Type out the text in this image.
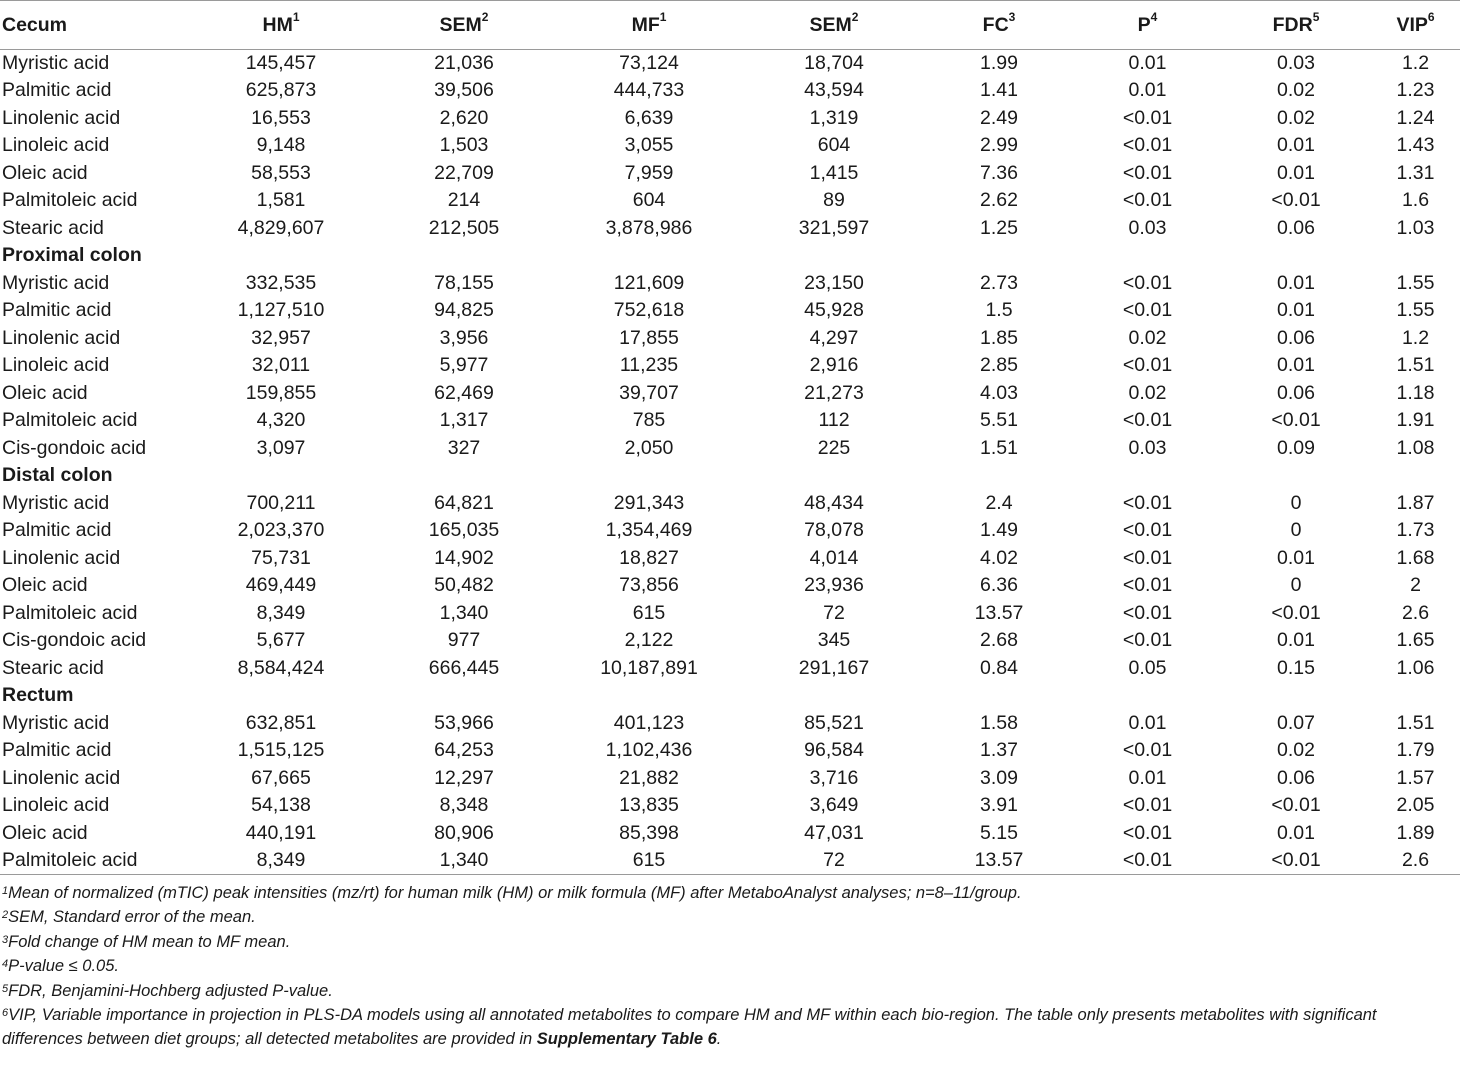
Cecum	$HM^1$	SEM$^2$	$MF^1$	SEM$^2$	$FC^3$	$P^4$	FDR$^5$	VIP$^6$
Myristic acid	145,457	21,036	73,124	18,704	1.99	0.01	0.03	1.2
Palmitic acid	625,873	39,506	444,733	43,594	1.41	0.01	0.02	1.23
Linolenic acid	16,553	2,620	6,639	1,319	2.49	<0.01	0.02	1.24
Linoleic acid	9,148	1,503	3,055	604	2.99	<0.01	0.01	1.43
Oleic acid	58,553	22,709	7,959	1,415	7.36	<0.01	0.01	1.31
Palmitoleic acid	1,581	214	604	89	2.62	<0.01	<0.01	1.6
Stearic acid	4,829,607	212,505	3,878,986	321,597	1.25	0.03	0.06	1.03
Proximal colon								
Myristic acid	332,535	78,155	121,609	23,150	2.73	<0.01	0.01	1.55
Palmitic acid	1,127,510	94,825	752,618	45,928	1.5	<0.01	0.01	1.55
Linolenic acid	32,957	3,956	17,855	4,297	1.85	0.02	0.06	1.2
Linoleic acid	32,011	5,977	11,235	2,916	2.85	<0.01	0.01	1.51
Oleic acid	159,855	62,469	39,707	21,273	4.03	0.02	0.06	1.18
Palmitoleic acid	4,320	1,317	785	112	5.51	<0.01	<0.01	1.91
Cis-gondoic acid	3,097	327	2,050	225	1.51	0.03	0.09	1.08
Distal colon								
Myristic acid	700,211	64,821	291,343	48,434	2.4	<0.01	0	1.87
Palmitic acid	2,023,370	165,035	1,354,469	78,078	1.49	<0.01	0	1.73
Linolenic acid	75,731	14,902	18,827	4,014	4.02	<0.01	0.01	1.68
Oleic acid	469,449	50,482	73,856	23,936	6.36	<0.01	0	2
Palmitoleic acid	8,349	1,340	615	72	13.57	<0.01	<0.01	2.6
Cis-gondoic acid	5,677	977	2,122	345	2.68	<0.01	0.01	1.65
Stearic acid	8,584,424	666,445	10,187,891	291,167	0.84	0.05	0.15	1.06
Rectum								
Myristic acid	632,851	53,966	401,123	85,521	1.58	0.01	0.07	1.51
Palmitic acid	1,515,125	64,253	1,102,436	96,584	1.37	<0.01	0.02	1.79
Linolenic acid	67,665	12,297	21,882	3,716	3.09	0.01	0.06	1.57
Linoleic acid	54,138	8,348	13,835	3,649	3.91	<0.01	<0.01	2.05
Oleic acid	440,191	80,906	85,398	47,031	5.15	<0.01	0.01	1.89
Palmitoleic acid	8,349	1,340	615	72	13.57	<0.01	<0.01	2.6

$^1$Mean of normalized (mTIC) peak intensities (mz/rt) for human milk (HM) or milk formula (MF) after MetaboAnalyst analyses; n=8–11/group.

$^2$SEM, Standard error of the mean.

$^3$Fold change of HM mean to MF mean.

$^4$P-value ≤ 0.05.

$^5$FDR, Benjamini-Hochberg adjusted P-value.

$^6$VIP, Variable importance in projection in PLS-DA models using all annotated metabolites to compare HM and MF within each bio-region. The table only presents metabolites with significant differences between diet groups; all detected metabolites are provided in Supplementary Table 6.
